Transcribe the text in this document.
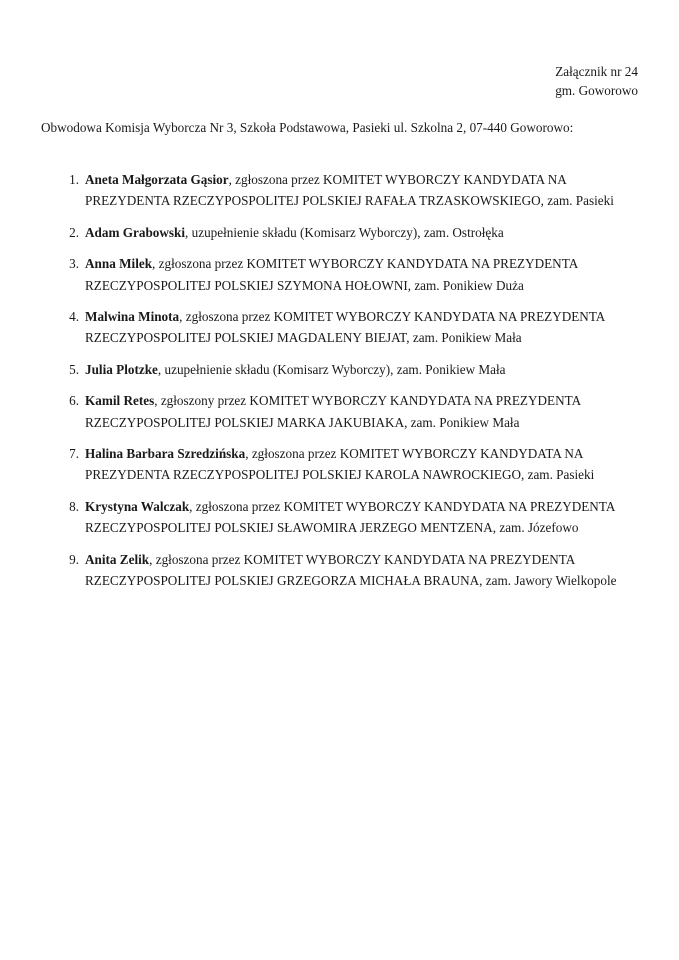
Załącznik nr 24
gm. Goworowo
Obwodowa Komisja Wyborcza Nr 3, Szkoła Podstawowa, Pasieki ul. Szkolna 2, 07-440 Goworowo:
1. Aneta Małgorzata Gąsior, zgłoszona przez KOMITET WYBORCZY KANDYDATA NA PREZYDENTA RZECZYPOSPOLITEJ POLSKIEJ RAFAŁA TRZASKOWSKIEGO, zam. Pasieki
2. Adam Grabowski, uzupełnienie składu (Komisarz Wyborczy), zam. Ostrołęka
3. Anna Milek, zgłoszona przez KOMITET WYBORCZY KANDYDATA NA PREZYDENTA RZECZYPOSPOLITEJ POLSKIEJ SZYMONA HOŁOWNI, zam. Ponikiew Duża
4. Malwina Minota, zgłoszona przez KOMITET WYBORCZY KANDYDATA NA PREZYDENTA RZECZYPOSPOLITEJ POLSKIEJ MAGDALENY BIEJAT, zam. Ponikiew Mała
5. Julia Plotzke, uzupełnienie składu (Komisarz Wyborczy), zam. Ponikiew Mała
6. Kamil Retes, zgłoszony przez KOMITET WYBORCZY KANDYDATA NA PREZYDENTA RZECZYPOSPOLITEJ POLSKIEJ MARKA JAKUBIAKA, zam. Ponikiew Mała
7. Halina Barbara Szredzińska, zgłoszona przez KOMITET WYBORCZY KANDYDATA NA PREZYDENTA RZECZYPOSPOLITEJ POLSKIEJ KAROLA NAWROCKIEGO, zam. Pasieki
8. Krystyna Walczak, zgłoszona przez KOMITET WYBORCZY KANDYDATA NA PREZYDENTA RZECZYPOSPOLITEJ POLSKIEJ SŁAWOMIRA JERZEGO MENTZENA, zam. Józefowo
9. Anita Zelik, zgłoszona przez KOMITET WYBORCZY KANDYDATA NA PREZYDENTA RZECZYPOSPOLITEJ POLSKIEJ GRZEGORZA MICHAŁA BRAUNA, zam. Jawory Wielkopole
